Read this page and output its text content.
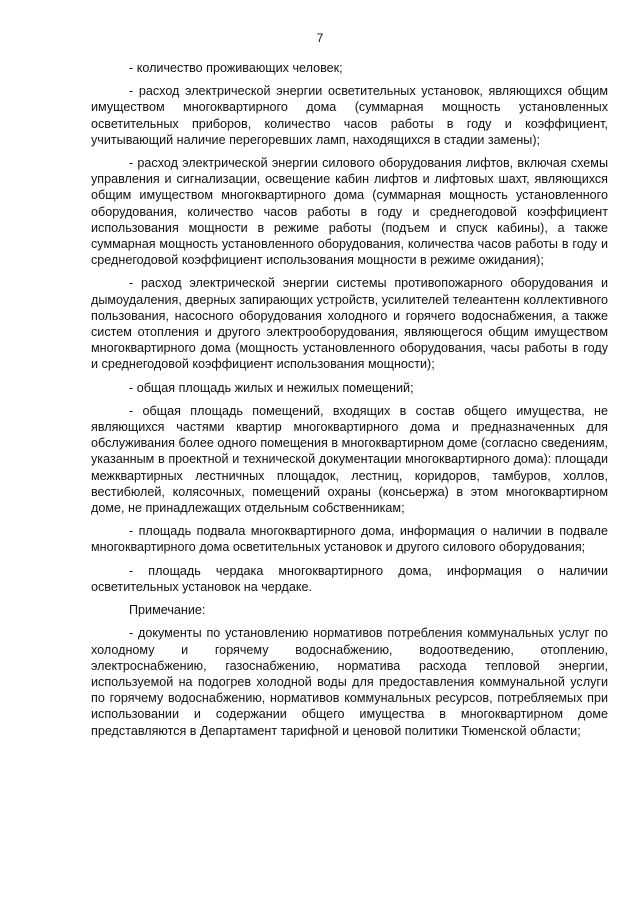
7

- количество проживающих человек;

- расход электрической энергии осветительных установок, являющихся общим имуществом многоквартирного дома (суммарная мощность установленных осветительных приборов, количество часов работы в году и коэффициент, учитывающий наличие перегоревших ламп, находящихся в стадии замены);

- расход электрической энергии силового оборудования лифтов, включая схемы управления и сигнализации, освещение кабин лифтов и лифтовых шахт, являющихся общим имуществом многоквартирного дома (суммарная мощность установленного оборудования, количество часов работы в году и среднегодовой коэффициент использования мощности в режиме работы (подъем и спуск кабины), а также суммарная мощность установленного оборудования, количества часов работы в году и среднегодовой коэффициент использования мощности в режиме ожидания);

- расход электрической энергии системы противопожарного оборудования и дымоудаления, дверных запирающих устройств, усилителей телеантенн коллективного пользования, насосного оборудования холодного и горячего водоснабжения, а также систем отопления и другого электрооборудования, являющегося общим имуществом многоквартирного дома (мощность установленного оборудования, часы работы в году и среднегодовой коэффициент использования мощности);

- общая площадь жилых и нежилых помещений;

- общая площадь помещений, входящих в состав общего имущества, не являющихся частями квартир многоквартирного дома и предназначенных для обслуживания более одного помещения в многоквартирном доме (согласно сведениям, указанным в проектной и технической документации многоквартирного дома): площади межквартирных лестничных площадок, лестниц, коридоров, тамбуров, холлов, вестибюлей, колясочных, помещений охраны (консьержа) в этом многоквартирном доме, не принадлежащих отдельным собственникам;

- площадь подвала многоквартирного дома, информация о наличии в подвале многоквартирного дома осветительных установок и другого силового оборудования;

- площадь чердака многоквартирного дома, информация о наличии осветительных установок на чердаке.

Примечание:

- документы по установлению нормативов потребления коммунальных услуг по холодному и горячему водоснабжению, водоотведению, отоплению, электроснабжению, газоснабжению, норматива расхода тепловой энергии, используемой на подогрев холодной воды для предоставления коммунальной услуги по горячему водоснабжению, нормативов коммунальных ресурсов, потребляемых при использовании и содержании общего имущества в многоквартирном доме представляются в Департамент тарифной и ценовой политики Тюменской области;
